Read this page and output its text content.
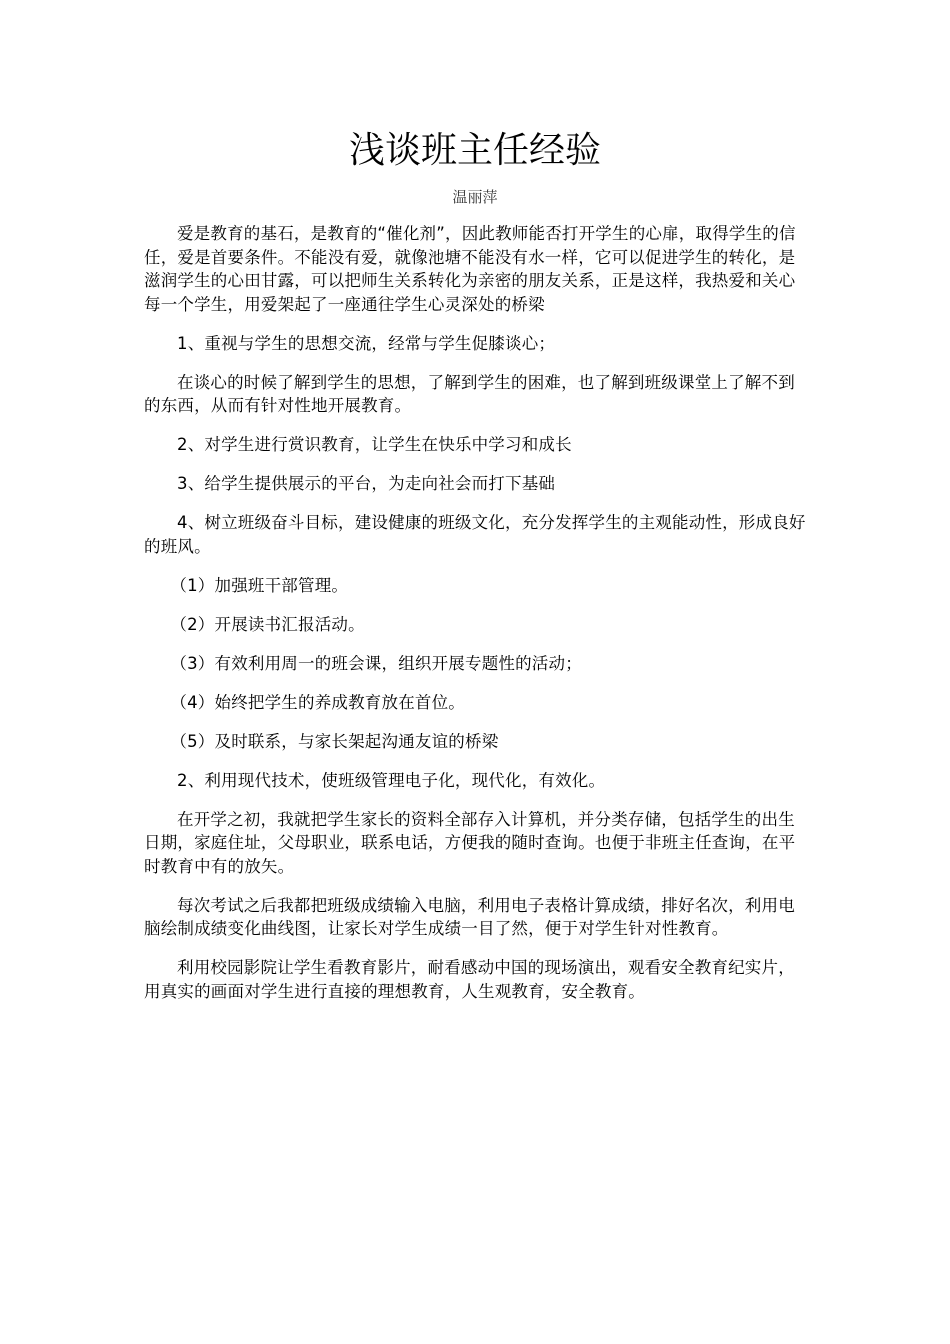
浅谈班主任经验
温丽萍

爱是教育的基石，是教育的“催化剂”，因此教师能否打开学生的心扉，取得学生的信任，爱是首要条件。不能没有爱，就像池塘不能没有水一样，它可以促进学生的转化，是滋润学生的心田甘露，可以把师生关系转化为亲密的朋友关系，正是这样，我热爱和关心每一个学生，用爱架起了一座通往学生心灵深处的桥梁

1、重视与学生的思想交流，经常与学生促膝谈心；

在谈心的时候了解到学生的思想，了解到学生的困难，也了解到班级课堂上了解不到的东西，从而有针对性地开展教育。

2、对学生进行赏识教育，让学生在快乐中学习和成长

3、给学生提供展示的平台，为走向社会而打下基础

4、树立班级奋斗目标，建设健康的班级文化，充分发挥学生的主观能动性，形成良好的班风。

（1）加强班干部管理。

（2）开展读书汇报活动。

（3）有效利用周一的班会课，组织开展专题性的活动；

（4）始终把学生的养成教育放在首位。

（5）及时联系，与家长架起沟通友谊的桥梁

2、利用现代技术，使班级管理电子化，现代化，有效化。

在开学之初，我就把学生家长的资料全部存入计算机，并分类存储，包括学生的出生日期，家庭住址，父母职业，联系电话，方便我的随时查询。也便于非班主任查询，在平时教育中有的放矢。

每次考试之后我都把班级成绩输入电脑，利用电子表格计算成绩，排好名次，利用电脑绘制成绩变化曲线图，让家长对学生成绩一目了然，便于对学生针对性教育。

利用校园影院让学生看教育影片，耐看感动中国的现场演出，观看安全教育纪实片，用真实的画面对学生进行直接的理想教育，人生观教育，安全教育。
